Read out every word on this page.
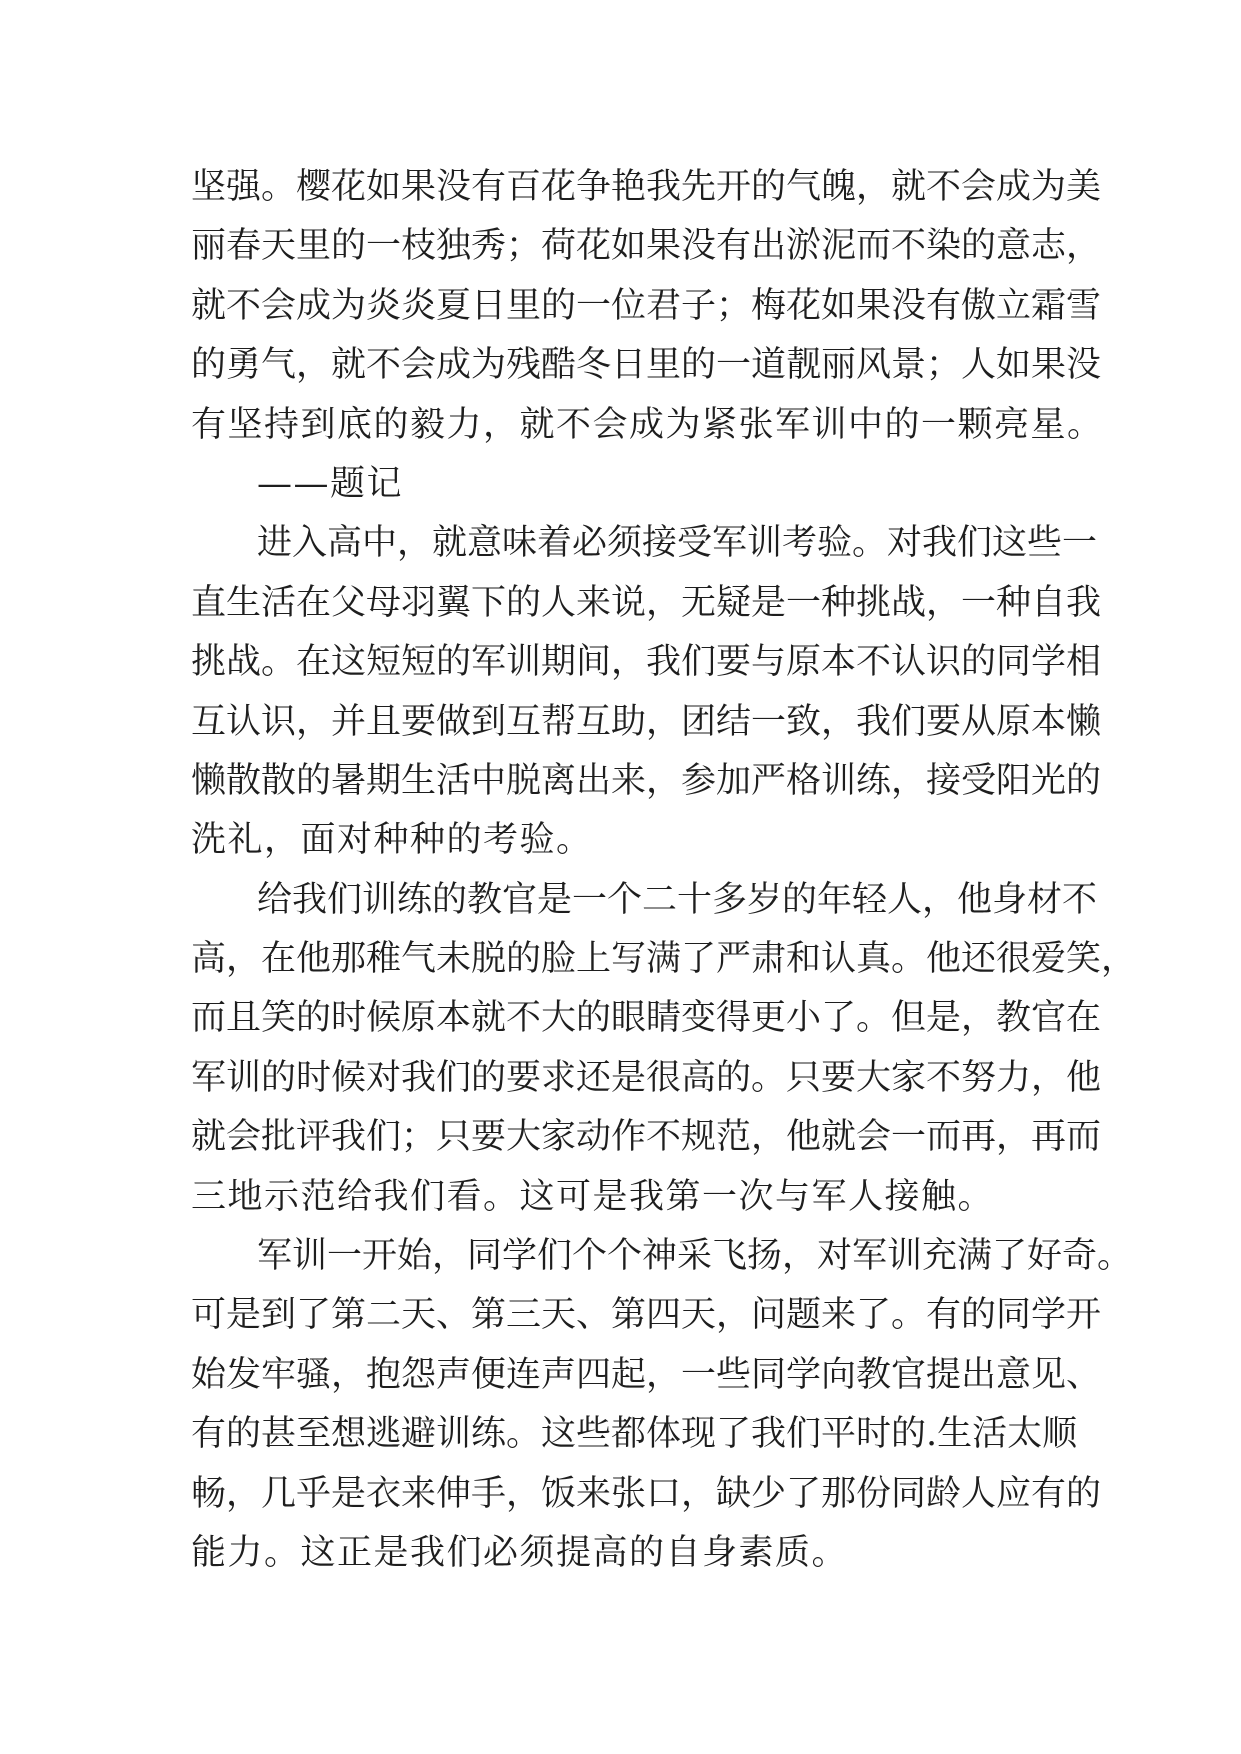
坚强。樱花如果没有百花争艳我先开的气魄，就不会成为美
丽春天里的一枝独秀；荷花如果没有出淤泥而不染的意志，
就不会成为炎炎夏日里的一位君子；梅花如果没有傲立霜雪
的勇气，就不会成为残酷冬日里的一道靓丽风景；人如果没
有坚持到底的毅力，就不会成为紧张军训中的一颗亮星。
——题记
进入高中，就意味着必须接受军训考验。对我们这些一
直生活在父母羽翼下的人来说，无疑是一种挑战，一种自我
挑战。在这短短的军训期间，我们要与原本不认识的同学相
互认识，并且要做到互帮互助，团结一致，我们要从原本懒
懒散散的暑期生活中脱离出来，参加严格训练，接受阳光的
洗礼，面对种种的考验。
给我们训练的教官是一个二十多岁的年轻人，他身材不
高，在他那稚气未脱的脸上写满了严肃和认真。他还很爱笑，
而且笑的时候原本就不大的眼睛变得更小了。但是，教官在
军训的时候对我们的要求还是很高的。只要大家不努力，他
就会批评我们；只要大家动作不规范，他就会一而再，再而
三地示范给我们看。这可是我第一次与军人接触。
军训一开始，同学们个个神采飞扬，对军训充满了好奇。
可是到了第二天、第三天、第四天，问题来了。有的同学开
始发牢骚，抱怨声便连声四起，一些同学向教官提出意见、
有的甚至想逃避训练。这些都体现了我们平时的.生活太顺
畅，几乎是衣来伸手，饭来张口，缺少了那份同龄人应有的
能力。这正是我们必须提高的自身素质。
